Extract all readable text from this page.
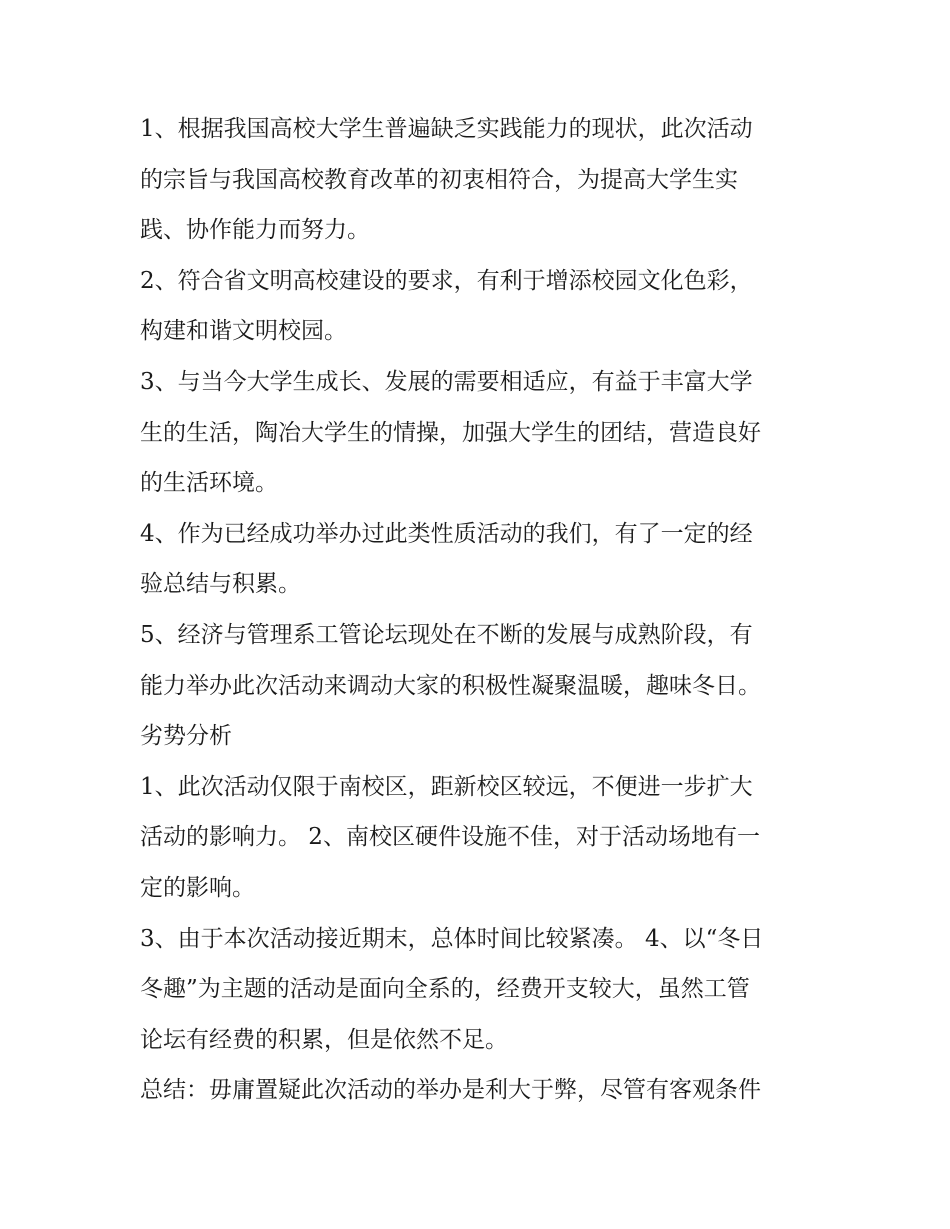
1、根据我国高校大学生普遍缺乏实践能力的现状，此次活动
的宗旨与我国高校教育改革的初衷相符合，为提高大学生实
践、协作能力而努力。

2、符合省文明高校建设的要求，有利于增添校园文化色彩，
构建和谐文明校园。

3、与当今大学生成长、发展的需要相适应，有益于丰富大学
生的生活，陶冶大学生的情操，加强大学生的团结，营造良好
的生活环境。

4、作为已经成功举办过此类性质活动的我们，有了一定的经
验总结与积累。

5、经济与管理系工管论坛现处在不断的发展与成熟阶段，有
能力举办此次活动来调动大家的积极性凝聚温暖，趣味冬日。

劣势分析

1、此次活动仅限于南校区，距新校区较远，不便进一步扩大
活动的影响力。 2、南校区硬件设施不佳，对于活动场地有一
定的影响。

3、由于本次活动接近期末，总体时间比较紧凑。 4、以“冬日
冬趣”为主题的活动是面向全系的，经费开支较大，虽然工管
论坛有经费的积累，但是依然不足。

总结：毋庸置疑此次活动的举办是利大于弊，尽管有客观条件
